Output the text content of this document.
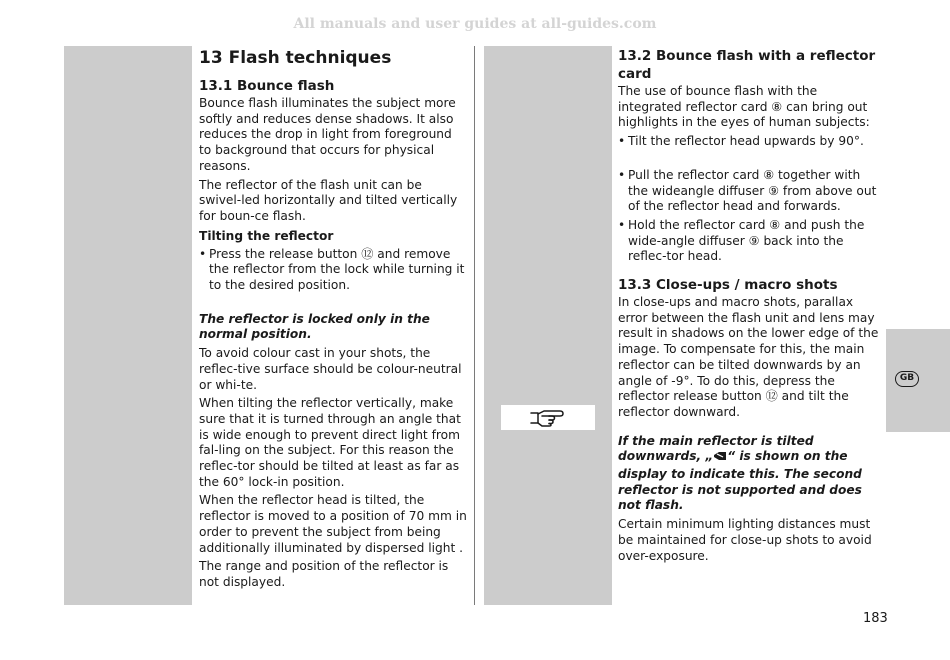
All manuals and user guides at all-guides.com
GB
13 Flash techniques
13.1 Bounce flash

Bounce flash illuminates the subject more softly and reduces dense shadows. It also reduces the drop in light from foreground to background that occurs for physical reasons.

The reflector of the flash unit can be swivel-led horizontally and tilted vertically for boun-ce flash.

Tilting the reflector
• Press the release button ⑫ and remove the reflector from the lock while turning it to the desired position.

The reflector is locked only in the normal position.

To avoid colour cast in your shots, the reflec-tive surface should be colour-neutral or whi-te.

When tilting the reflector vertically, make sure that it is turned through an angle that is wide enough to prevent direct light from fal-ling on the subject. For this reason the reflec-tor should be tilted at least as far as the 60° lock-in position.

When the reflector head is tilted, the reflector is moved to a position of 70 mm in order to prevent the subject from being additionally illuminated by dispersed light .

The range and position of the reflector is not displayed.

13.2 Bounce flash with a reflector card

The use of bounce flash with the integrated reflector card ⑧ can bring out highlights in the eyes of human subjects:

• Tilt the reflector head upwards by 90°.
• Pull the reflector card ⑧ together with the wideangle diffuser ⑨ from above out of the reflector head and forwards.
• Hold the reflector card ⑧ and push the wide-angle diffuser ⑨ back into the reflec-tor head.
13.3 Close-ups / macro shots

In close-ups and macro shots, parallax error between the flash unit and lens may result in shadows on the lower edge of the image. To compensate for this, the main reflector can be tilted downwards by an angle of -9°. To do this, depress the reflector release button ⑫ and tilt the reflector downward.

If the main reflector is tilted downwards, „ “ is shown on the display to indicate this. The second reflector is not supported and does not flash.

Certain minimum lighting distances must be maintained for close-up shots to avoid over-exposure.

183
